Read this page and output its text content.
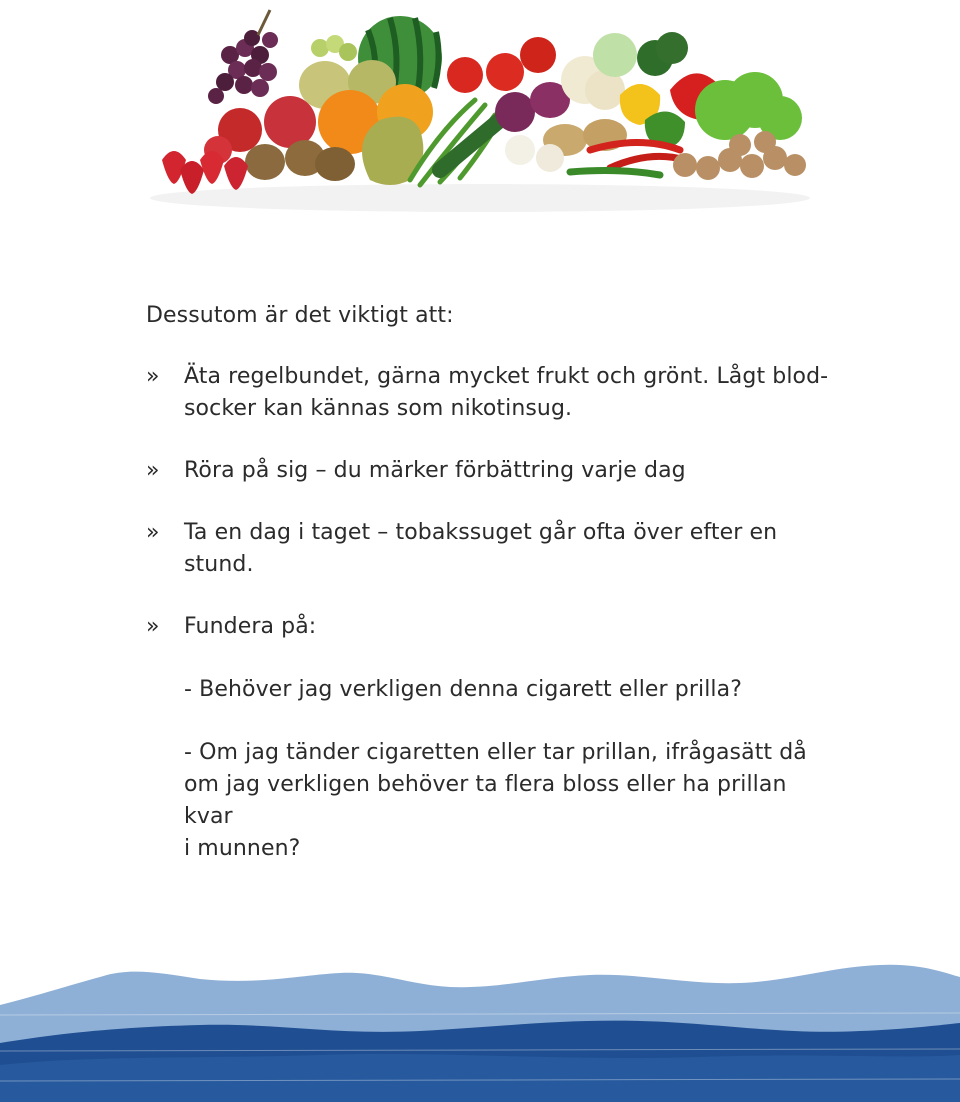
Dessutom är det viktigt att:

» Äta regelbundet, gärna mycket frukt och grönt. Lågt blod-
socker kan kännas som nikotinsug.
» Röra på sig – du märker förbättring varje dag
» Ta en dag i taget – tobakssuget går ofta över efter en
stund.
» Fundera på:
- Behöver jag verkligen denna cigarett eller prilla?
- Om jag tänder cigaretten eller tar prillan, ifrågasätt då
om jag verkligen behöver ta flera bloss eller ha prillan kvar
i munnen?
